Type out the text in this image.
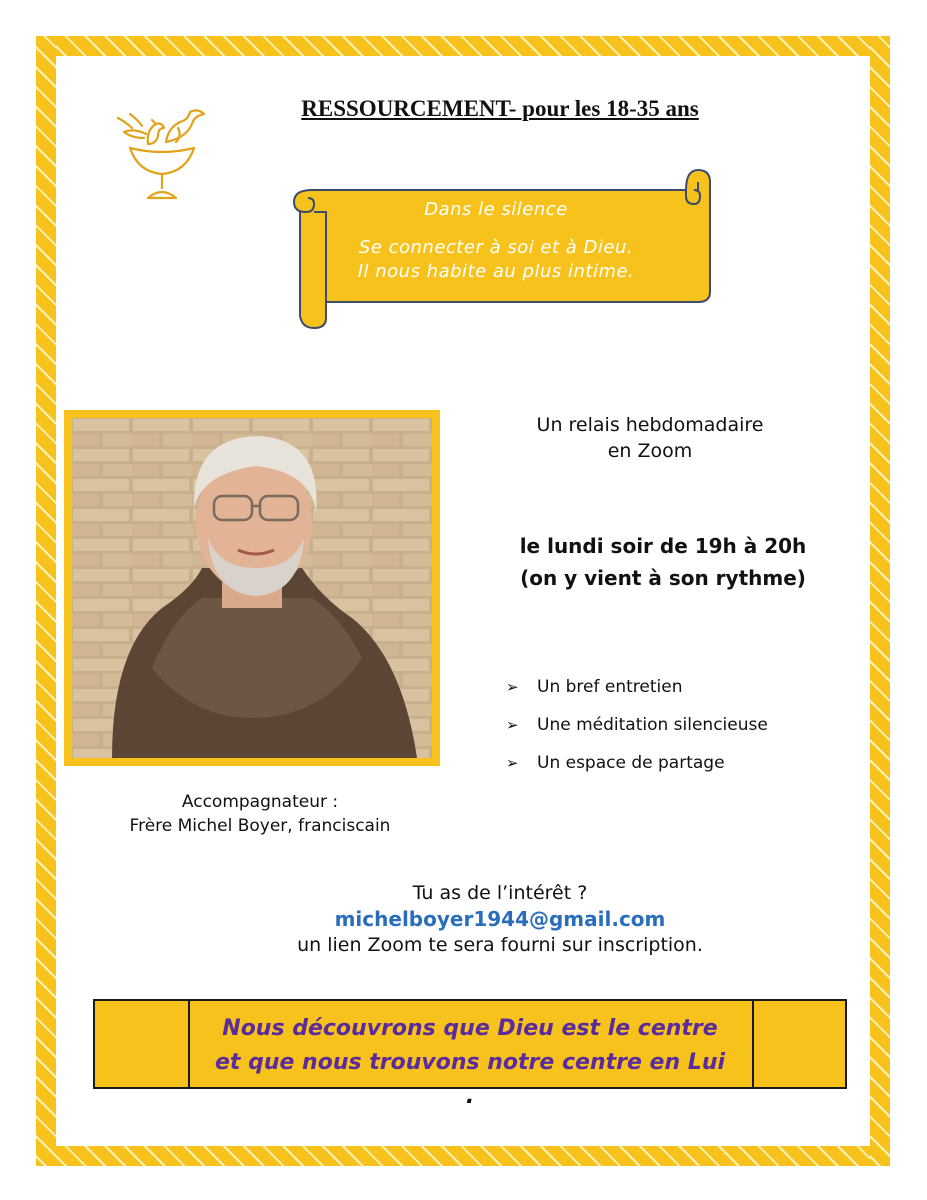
RESSOURCEMENT- pour les 18-35 ans
Dans le silence
Se connecter à soi et à Dieu.
Il nous habite au plus intime.
Un relais hebdomadaire
en Zoom
le lundi soir de 19h à 20h
(on y vient à son rythme)
➢ Un bref entretien
➢ Une méditation silencieuse
➢ Un espace de partage
Accompagnateur :
Frère Michel Boyer, franciscain
Tu as de l’intérêt ?
michelboyer1944@gmail.com
un lien Zoom te sera fourni sur inscription.
Nous découvrons que Dieu est le centre
et que nous trouvons notre centre en Lui
.
